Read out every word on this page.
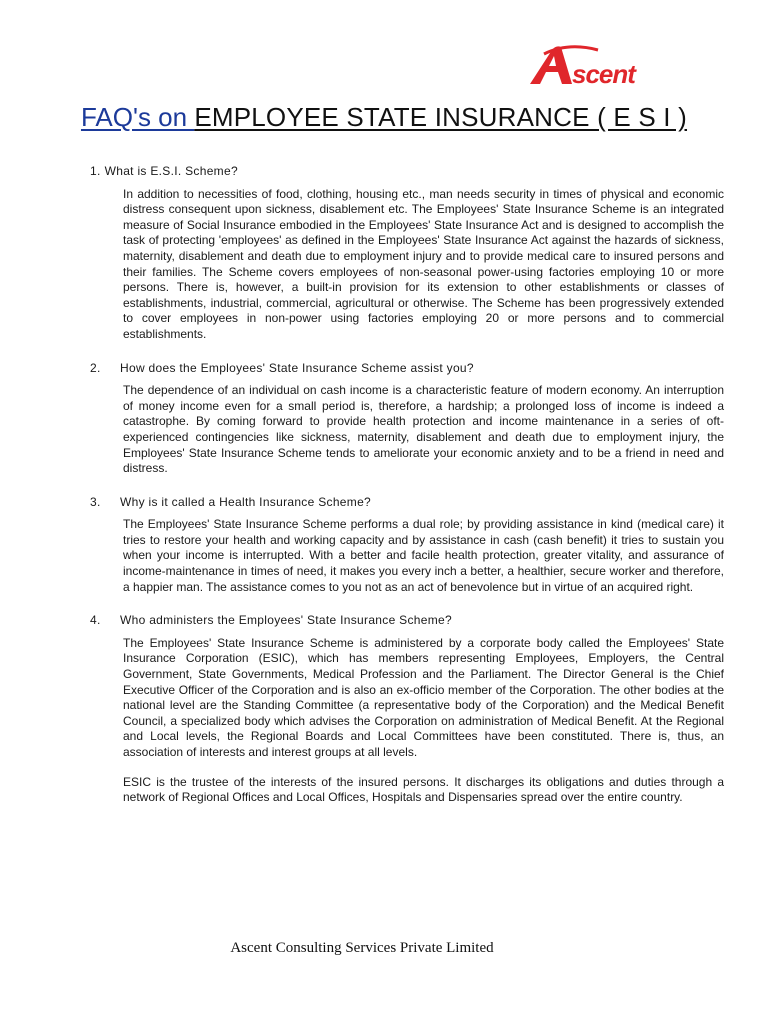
scent
FAQ's on EMPLOYEE STATE INSURANCE ( E S I )
1. What is E.S.I. Scheme?

In addition to necessities of food, clothing, housing etc., man needs security in times of physical and economic distress consequent upon sickness, disablement etc. The Employees' State Insurance Scheme is an integrated measure of Social Insurance embodied in the Employees' State Insurance Act and is designed to accomplish the task of protecting 'employees' as defined in the Employees' State Insurance Act against the hazards of sickness, maternity, disablement and death due to employment injury and to provide medical care to insured persons and their families. The Scheme covers employees of non-seasonal power-using factories employing 10 or more persons. There is, however, a built-in provision for its extension to other establishments or classes of establishments, industrial, commercial, agricultural or otherwise. The Scheme has been progressively extended to cover employees in non-power using factories employing 20 or more persons and to commercial establishments.

2.	How does the Employees' State Insurance Scheme assist you?

The dependence of an individual on cash income is a characteristic feature of modern economy. An interruption of money income even for a small period is, therefore, a hardship; a prolonged loss of income is indeed a catastrophe. By coming forward to provide health protection and income maintenance in a series of oft-experienced contingencies like sickness, maternity, disablement and death due to employment injury, the Employees' State Insurance Scheme tends to ameliorate your economic anxiety and to be a friend in need and distress.

3.	Why is it called a Health Insurance Scheme?

The Employees' State Insurance Scheme performs a dual role; by providing assistance in kind (medical care) it tries to restore your health and working capacity and by assistance in cash (cash benefit) it tries to sustain you when your income is interrupted. With a better and facile health protection, greater vitality, and assurance of income-maintenance in times of need, it makes you every inch a better, a healthier, secure worker and therefore, a happier man. The assistance comes to you not as an act of benevolence but in virtue of an acquired right.

4.	Who administers the Employees' State Insurance Scheme?

The Employees' State Insurance Scheme is administered by a corporate body called the Employees' State Insurance Corporation (ESIC), which has members representing Employees, Employers, the Central Government, State Governments, Medical Profession and the Parliament. The Director General is the Chief Executive Officer of the Corporation and is also an ex-officio member of the Corporation. The other bodies at the national level are the Standing Committee (a representative body of the Corporation) and the Medical Benefit Council, a specialized body which advises the Corporation on administration of Medical Benefit. At the Regional and Local levels, the Regional Boards and Local Committees have been constituted. There is, thus, an association of interests and interest groups at all levels.

ESIC is the trustee of the interests of the insured persons. It discharges its obligations and duties through a network of Regional Offices and Local Offices, Hospitals and Dispensaries spread over the entire country.

Ascent Consulting Services Private Limited
